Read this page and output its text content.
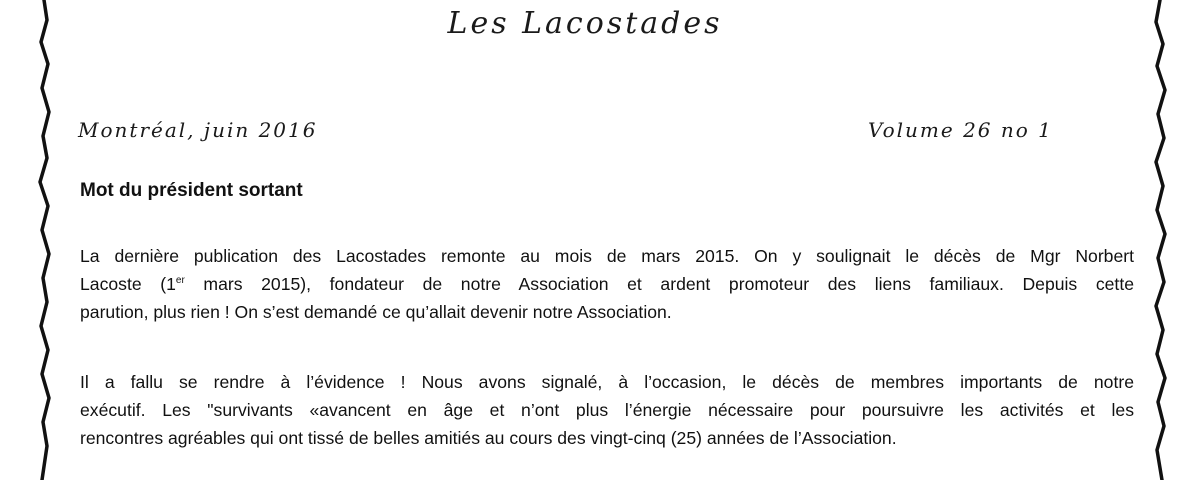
Les Lacostades
Montréal, juin 2016	Volume 26 no 1
Mot du président sortant
La dernière publication des Lacostades remonte au mois de mars 2015. On y soulignait le décès de Mgr Norbert
Lacoste (1er mars 2015), fondateur de notre Association et ardent promoteur des liens familiaux. Depuis cette
parution, plus rien ! On s’est demandé ce qu’allait devenir notre Association.
Il a fallu se rendre à l’évidence ! Nous avons signalé, à l’occasion, le décès de membres importants de notre
exécutif. Les "survivants «avancent en âge et n’ont plus l’énergie nécessaire pour poursuivre les activités et les
rencontres agréables qui ont tissé de belles amitiés au cours des vingt-cinq (25) années de l’Association.
